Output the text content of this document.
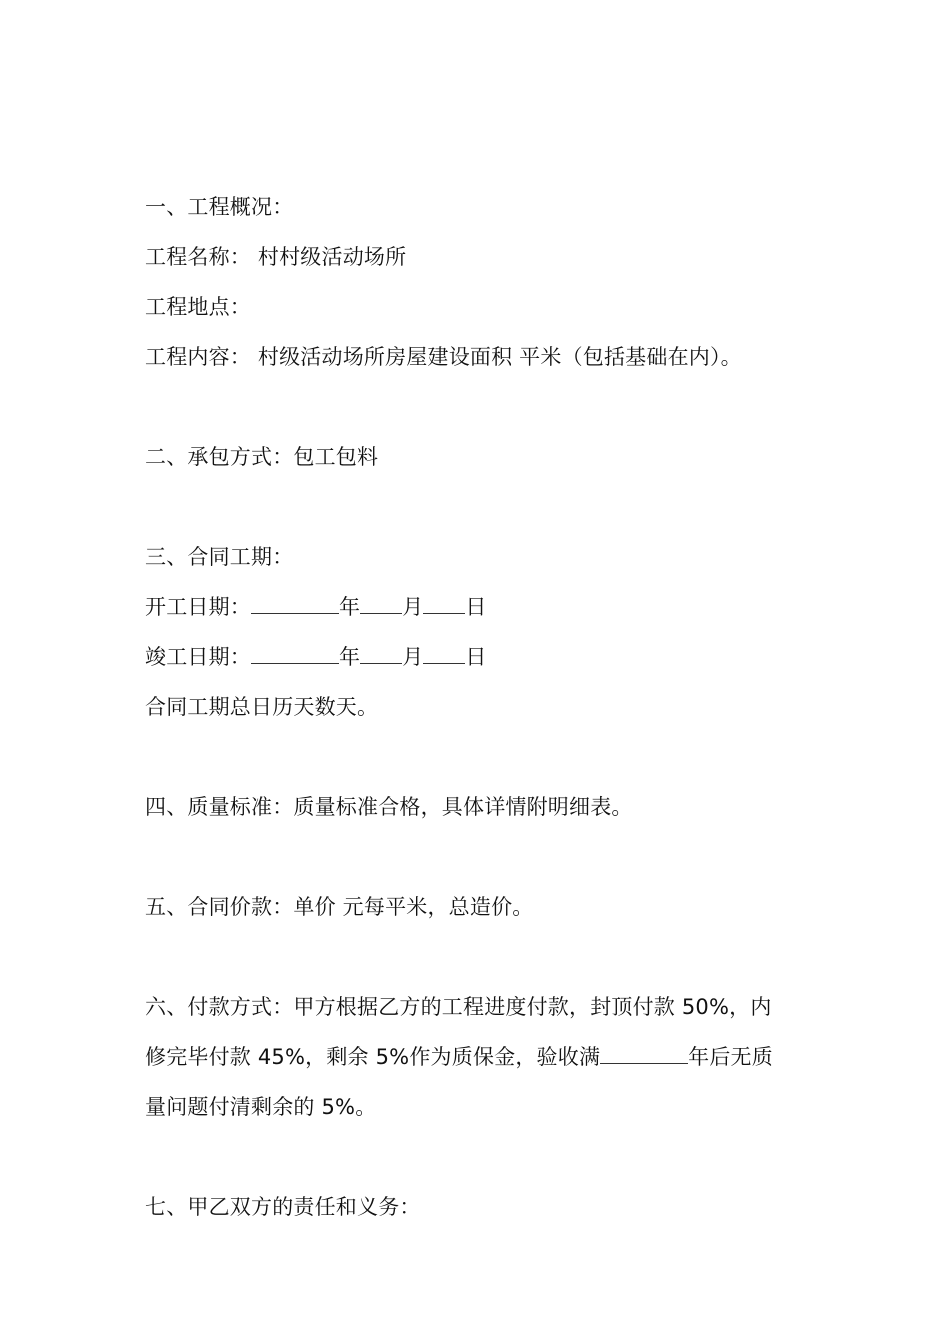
一、工程概况：
工程名称： 村村级活动场所
工程地点：
工程内容： 村级活动场所房屋建设面积 平米（包括基础在内）。
二、承包方式：包工包料
三、合同工期：
开工日期：	年 月 日
竣工日期：	年 月 日
合同工期总日历天数天。
四、质量标准：质量标准合格，具体详情附明细表。
五、合同价款：单价 元每平米，总造价。
六、付款方式：甲方根据乙方的工程进度付款，封顶付款 50%，内
修完毕付款 45%，剩余 5%作为质保金，验收满	年后无质
量问题付清剩余的 5%。
七、甲乙双方的责任和义务：
